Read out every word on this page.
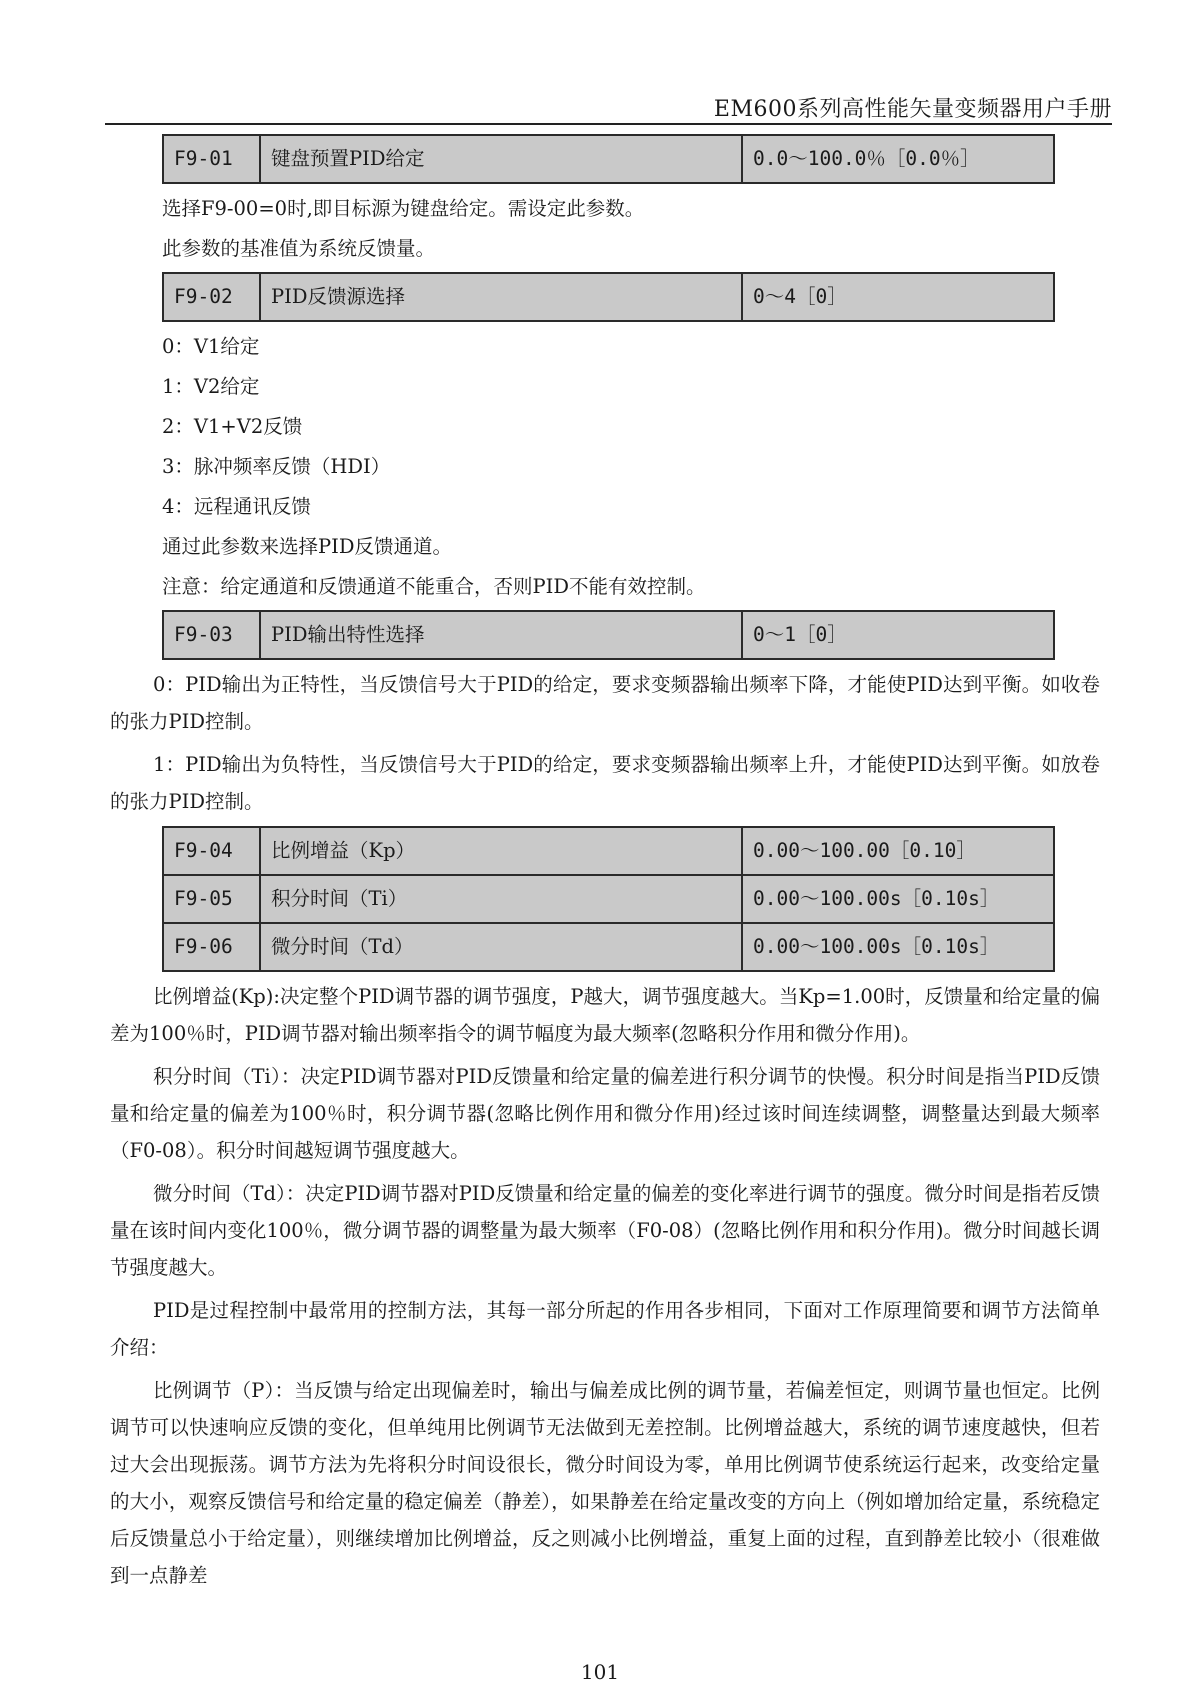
EM600系列高性能矢量变频器用户手册
F9-01	键盘预置PID给定	0.0～100.0％［0.0％］
选择F9-00=0时,即目标源为键盘给定。需设定此参数。
此参数的基准值为系统反馈量。
F9-02	PID反馈源选择	0～4［0］
0：V1给定
1：V2给定
2：V1+V2反馈
3：脉冲频率反馈（HDI）
4：远程通讯反馈
通过此参数来选择PID反馈通道。
注意：给定通道和反馈通道不能重合，否则PID不能有效控制。
F9-03	PID输出特性选择	0～1［0］

0：PID输出为正特性，当反馈信号大于PID的给定，要求变频器输出频率下降，才能使PID达到平衡。如收卷的张力PID控制。

1：PID输出为负特性，当反馈信号大于PID的给定，要求变频器输出频率上升，才能使PID达到平衡。如放卷的张力PID控制。

F9-04	比例增益（Kp）	0.00～100.00［0.10］
F9-05	积分时间（Ti）	0.00～100.00s［0.10s］
F9-06	微分时间（Td）	0.00～100.00s［0.10s］

比例增益(Kp):决定整个PID调节器的调节强度，P越大，调节强度越大。当Kp=1.00时，反馈量和给定量的偏差为100％时，PID调节器对输出频率指令的调节幅度为最大频率(忽略积分作用和微分作用)。

积分时间（Ti）：决定PID调节器对PID反馈量和给定量的偏差进行积分调节的快慢。积分时间是指当PID反馈量和给定量的偏差为100％时，积分调节器(忽略比例作用和微分作用)经过该时间连续调整，调整量达到最大频率（F0-08）。积分时间越短调节强度越大。

微分时间（Td）：决定PID调节器对PID反馈量和给定量的偏差的变化率进行调节的强度。微分时间是指若反馈量在该时间内变化100％，微分调节器的调整量为最大频率（F0-08）(忽略比例作用和积分作用)。微分时间越长调节强度越大。

PID是过程控制中最常用的控制方法，其每一部分所起的作用各步相同，下面对工作原理简要和调节方法简单介绍：

比例调节（P）：当反馈与给定出现偏差时，输出与偏差成比例的调节量，若偏差恒定，则调节量也恒定。比例调节可以快速响应反馈的变化，但单纯用比例调节无法做到无差控制。比例增益越大，系统的调节速度越快，但若过大会出现振荡。调节方法为先将积分时间设很长，微分时间设为零，单用比例调节使系统运行起来，改变给定量的大小，观察反馈信号和给定量的稳定偏差（静差），如果静差在给定量改变的方向上（例如增加给定量，系统稳定后反馈量总小于给定量），则继续增加比例增益，反之则减小比例增益，重复上面的过程，直到静差比较小（很难做到一点静差

101
